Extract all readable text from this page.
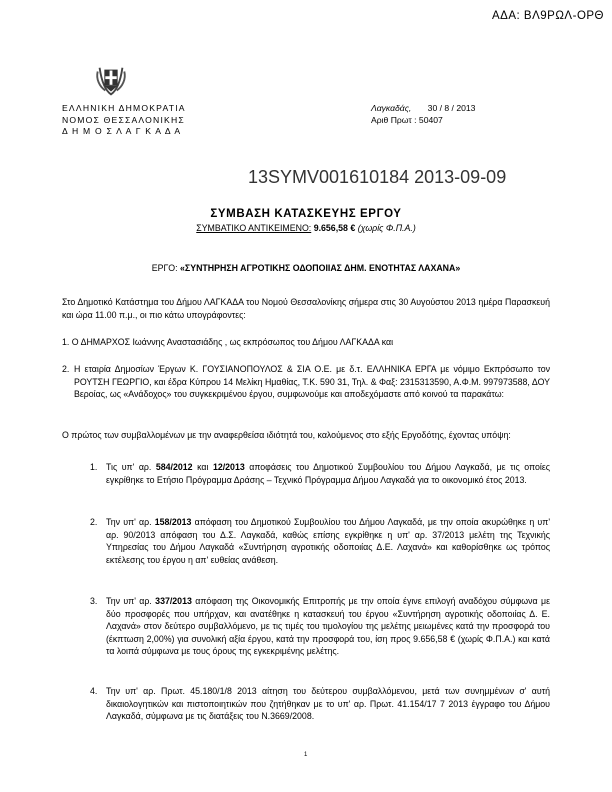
ΑΔΑ: ΒΛ9ΡΩΛ-ΟΡΘ
ΕΛΛΗΝΙΚΗ ΔΗΜΟΚΡΑΤΙΑ
ΝΟΜΟΣ ΘΕΣΣΑΛΟΝΙΚΗΣ
Δ Η Μ Ο Σ Λ Α Γ Κ Α Δ Α
Λαγκαδάς, 30 / 8 / 2013
Αριθ Πρωτ : 50407
13SYMV001610184 2013-09-09
ΣΥΜΒΑΣΗ ΚΑΤΑΣΚΕΥΗΣ ΕΡΓΟΥ
ΣΥΜΒΑΤΙΚΟ ΑΝΤΙΚΕΙΜΕΝΟ: 9.656,58 € (χωρίς Φ.Π.Α.)
ΕΡΓΟ: «ΣΥΝΤΗΡΗΣΗ ΑΓΡΟΤΙΚΗΣ ΟΔΟΠΟΙΙΑΣ ΔΗΜ. ΕΝΟΤΗΤΑΣ ΛΑΧΑΝΑ»
Στο Δημοτικό Κατάστημα του Δήμου ΛΑΓΚΑΔΑ του Νομού Θεσσαλονίκης σήμερα στις 30 Αυγούστου 2013 ημέρα Παρασκευή και ώρα 11.00 π.μ., οι πιο κάτω υπογράφοντες:
1. Ο ΔΗΜΑΡΧΟΣ Ιωάννης Αναστασιάδης , ως εκπρόσωπος του Δήμου ΛΑΓΚΑΔΑ και
2. Η εταιρία Δημοσίων Έργων Κ. ΓΟΥΣΙΑΝΟΠΟΥΛΟΣ & ΣΙΑ Ο.Ε. με δ.τ. ΕΛΛΗΝΙΚΑ ΕΡΓΑ με νόμιμο Εκπρόσωπο τον ΡΟΥΤΣΗ ΓΕΩΡΓΙΟ, και έδρα Κύπρου 14 Μελίκη Ημαθίας, Τ.Κ. 590 31, Τηλ. & Φαξ: 2315313590, Α.Φ.Μ. 997973588, ΔΟΥ Βεροίας, ως «Ανάδοχος» του συγκεκριμένου έργου, συμφωνούμε και αποδεχόμαστε από κοινού τα παρακάτω:
Ο πρώτος των συμβαλλομένων με την αναφερθείσα ιδιότητά του, καλούμενος στο εξής Εργοδότης, έχοντας υπόψη:
1. Τις υπ' αρ. 584/2012 και 12/2013 αποφάσεις του Δημοτικού Συμβουλίου του Δήμου Λαγκαδά, με τις οποίες εγκρίθηκε το Ετήσιο Πρόγραμμα Δράσης – Τεχνικό Πρόγραμμα Δήμου Λαγκαδά για το οικονομικό έτος 2013.
2. Την υπ' αρ. 158/2013 απόφαση του Δημοτικού Συμβουλίου του Δήμου Λαγκαδά, με την οποία ακυρώθηκε η υπ' αρ. 90/2013 απόφαση του Δ.Σ. Λαγκαδά, καθώς επίσης εγκρίθηκε η υπ' αρ. 37/2013 μελέτη της Τεχνικής Υπηρεσίας του Δήμου Λαγκαδά «Συντήρηση αγροτικής οδοποιίας Δ.Ε. Λαχανά» και καθορίσθηκε ως τρόπος εκτέλεσης του έργου η απ' ευθείας ανάθεση.
3. Την υπ' αρ. 337/2013 απόφαση της Οικονομικής Επιτροπής με την οποία έγινε επιλογή αναδόχου σύμφωνα με δύο προσφορές που υπήρχαν, και ανατέθηκε η κατασκευή του έργου «Συντήρηση αγροτικής οδοποιίας Δ. Ε. Λαχανά» στον δεύτερο συμβαλλόμενο, με τις τιμές του τιμολογίου της μελέτης μειωμένες κατά την προσφορά του (έκπτωση 2,00%) για συνολική αξία έργου, κατά την προσφορά του, ίση προς 9.656,58 € (χωρίς Φ.Π.Α.) και κατά τα λοιπά σύμφωνα με τους όρους της εγκεκριμένης μελέτης.
4. Την υπ' αρ. Πρωτ. 45.180/1/8 2013 αίτηση του δεύτερου συμβαλλόμενου, μετά των συνημμένων σ' αυτή δικαιολογητικών και πιστοποιητικών που ζητήθηκαν με το υπ' αρ. Πρωτ. 41.154/17 7 2013 έγγραφο του Δήμου Λαγκαδά, σύμφωνα με τις διατάξεις του Ν.3669/2008.
1
